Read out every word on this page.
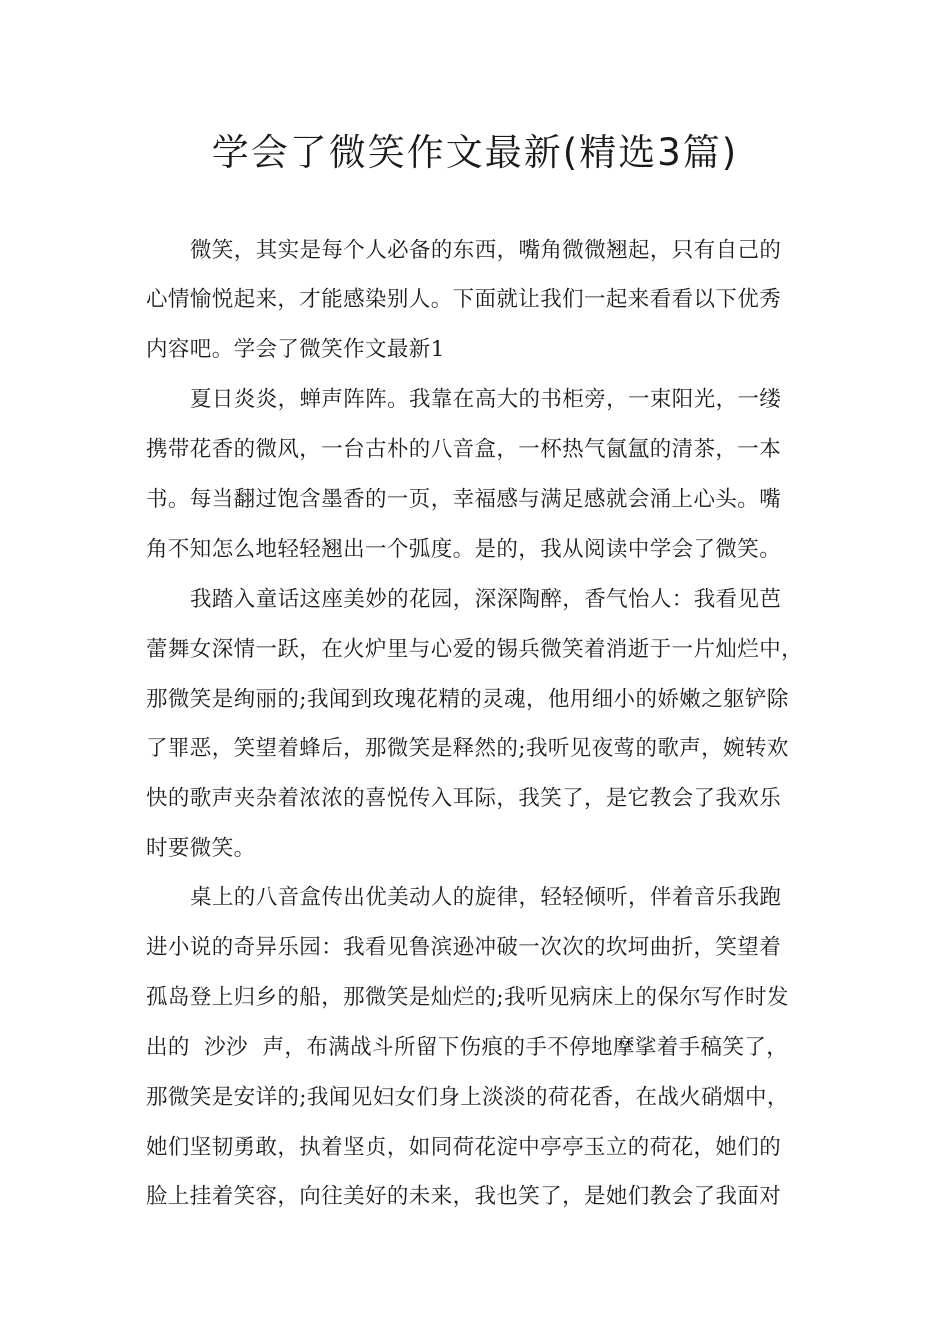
学会了微笑作文最新(精选3篇)
微笑，其实是每个人必备的东西，嘴角微微翘起，只有自己的
心情愉悦起来，才能感染别人。下面就让我们一起来看看以下优秀
内容吧。学会了微笑作文最新1
夏日炎炎，蝉声阵阵。我靠在高大的书柜旁，一束阳光，一缕
携带花香的微风，一台古朴的八音盒，一杯热气氤氲的清茶，一本
书。每当翻过饱含墨香的一页，幸福感与满足感就会涌上心头。嘴
角不知怎么地轻轻翘出一个弧度。是的，我从阅读中学会了微笑。
我踏入童话这座美妙的花园，深深陶醉，香气怡人：我看见芭
蕾舞女深情一跃，在火炉里与心爱的锡兵微笑着消逝于一片灿烂中，
那微笑是绚丽的;我闻到玫瑰花精的灵魂，他用细小的娇嫩之躯铲除
了罪恶，笑望着蜂后，那微笑是释然的;我听见夜莺的歌声，婉转欢
快的歌声夹杂着浓浓的喜悦传入耳际，我笑了，是它教会了我欢乐
时要微笑。
桌上的八音盒传出优美动人的旋律，轻轻倾听，伴着音乐我跑
进小说的奇异乐园：我看见鲁滨逊冲破一次次的坎坷曲折，笑望着
孤岛登上归乡的船，那微笑是灿烂的;我听见病床上的保尔写作时发
出的  沙沙  声，布满战斗所留下伤痕的手不停地摩挲着手稿笑了，
那微笑是安详的;我闻见妇女们身上淡淡的荷花香，在战火硝烟中，
她们坚韧勇敢，执着坚贞，如同荷花淀中亭亭玉立的荷花，她们的
脸上挂着笑容，向往美好的未来，我也笑了，是她们教会了我面对
